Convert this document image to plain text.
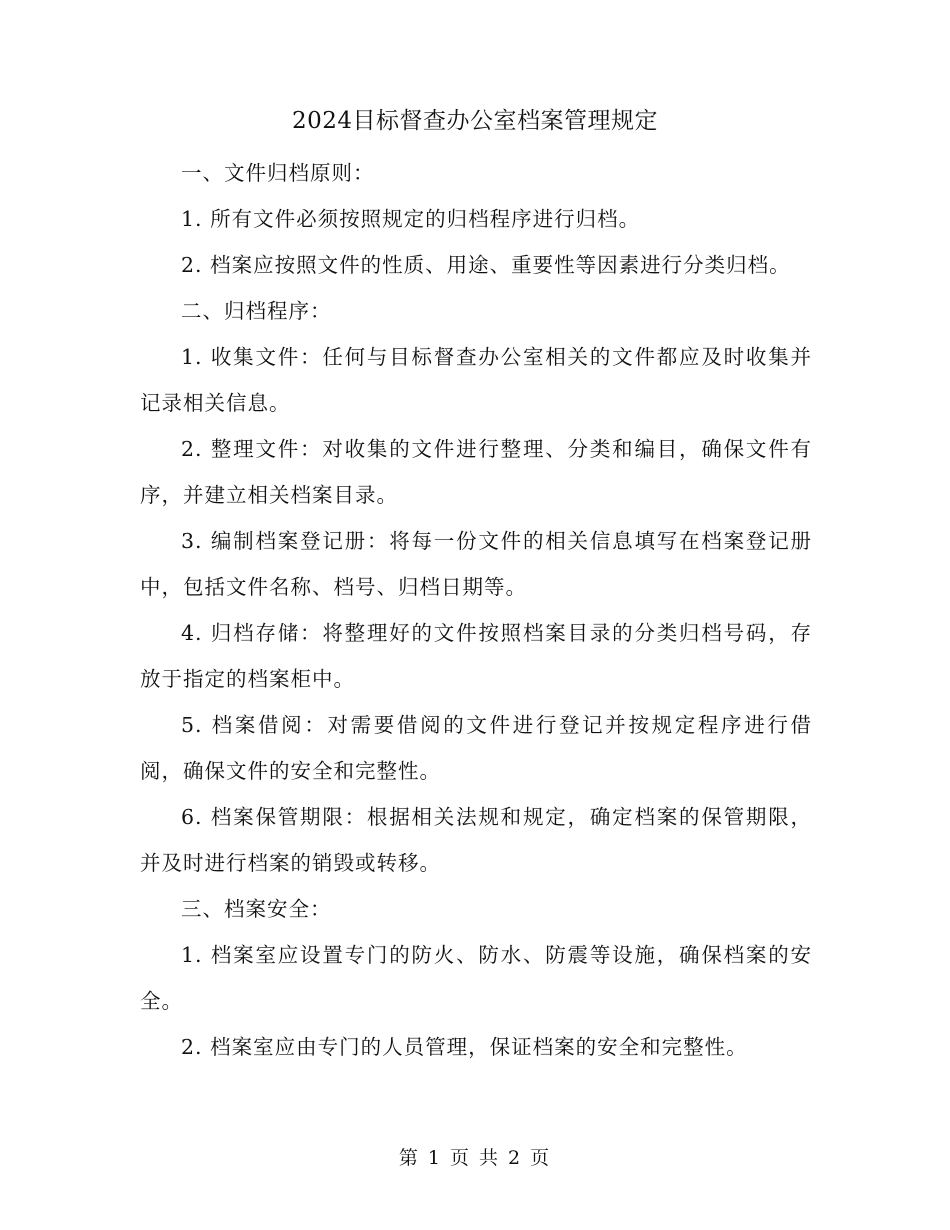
2024目标督查办公室档案管理规定

一、文件归档原则：

1. 所有文件必须按照规定的归档程序进行归档。

2. 档案应按照文件的性质、用途、重要性等因素进行分类归档。

二、归档程序：

1. 收集文件：任何与目标督查办公室相关的文件都应及时收集并记录相关信息。

2. 整理文件：对收集的文件进行整理、分类和编目，确保文件有序，并建立相关档案目录。

3. 编制档案登记册：将每一份文件的相关信息填写在档案登记册中，包括文件名称、档号、归档日期等。

4. 归档存储：将整理好的文件按照档案目录的分类归档号码，存放于指定的档案柜中。

5. 档案借阅：对需要借阅的文件进行登记并按规定程序进行借阅，确保文件的安全和完整性。

6. 档案保管期限：根据相关法规和规定，确定档案的保管期限，并及时进行档案的销毁或转移。

三、档案安全：

1. 档案室应设置专门的防火、防水、防震等设施，确保档案的安全。

2. 档案室应由专门的人员管理，保证档案的安全和完整性。

第 1 页 共 2 页
